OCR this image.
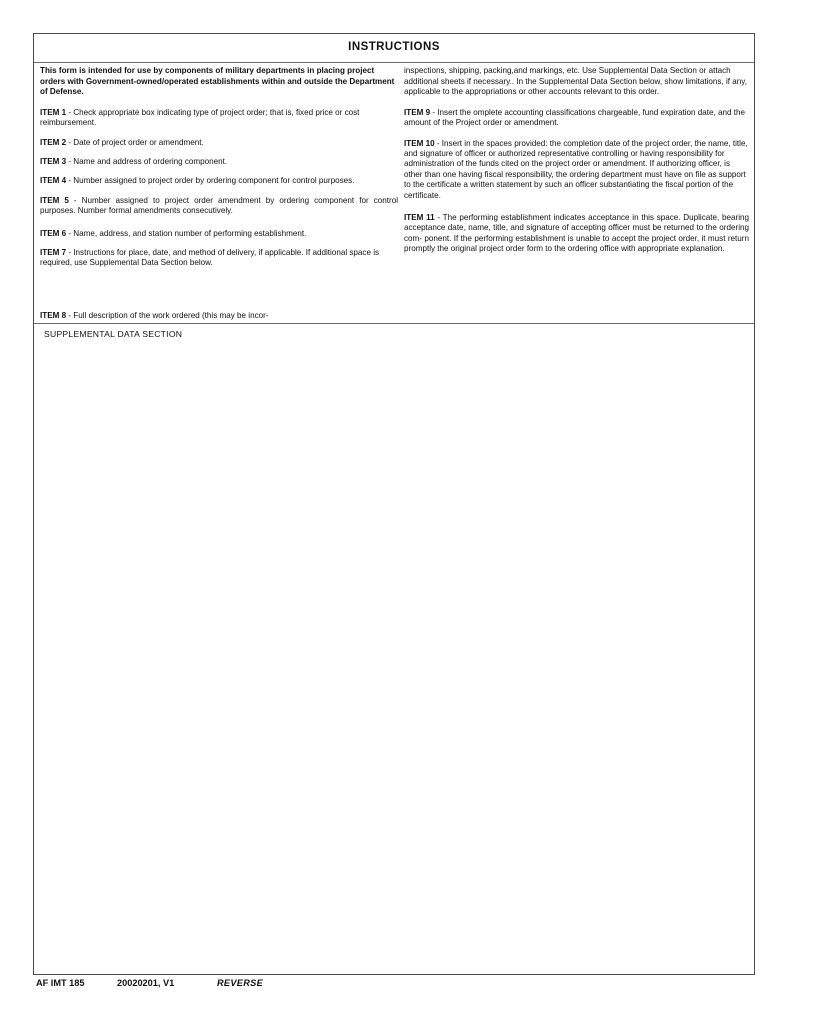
INSTRUCTIONS

This form is intended for use by components of military departments in placing project orders with Government-owned/operated establishments within and outside the Department of Defense.

ITEM 1 - Check appropriate box indicating type of project order; that is, fixed price or cost reimbursement.

ITEM 2 - Date of project order or amendment.

ITEM 3 - Name and address of ordering component.

ITEM 4 - Number assigned to project order by ordering component for control purposes.

ITEM 5 - Number assigned to project order amendment by ordering component for control purposes. Number formal amendments consecutively.

ITEM 6 - Name, address, and station number of performing establishment.

ITEM 7 - Instructions for place, date, and method of delivery, if applicable. If additional space is required, use Supplemental Data Section below.

inspections, shipping, packing,and markings, etc. Use Supplemental Data Section or attach additional sheets if necessary.. In the Supplemental Data Section below, show limitations, if any, applicable to the appropriations or other accounts relevant to this order.

ITEM 9 - Insert the omplete accounting classifications chargeable, fund expiration date, and the amount of the Project order or amendment.

ITEM 10 - Insert in the spaces provided: the completion date of the project order, the name, title, and signature of officer or authorized representative controlling or having responsibility for administration of the funds cited on the project order or amendment. If authorizing officer, is other than one having fiscal responsibility, the ordering department must have on file as support to the certificate a written statement by such an officer substantiating the fiscal portion of the certificate.

ITEM 11 - The performing establishment indicates acceptance in this space. Duplicate, bearing acceptance date, name, title, and signature of accepting officer must be returned to the ordering com- ponent. If the performing establishment is unable to accept the project order, it must return promptly the original project order form to the ordering office with appropriate explanation.

ITEM 8 - Full description of the work ordered (this may be incor-
SUPPLEMENTAL DATA SECTION
AF IMT 185	20020201, V1	REVERSE
